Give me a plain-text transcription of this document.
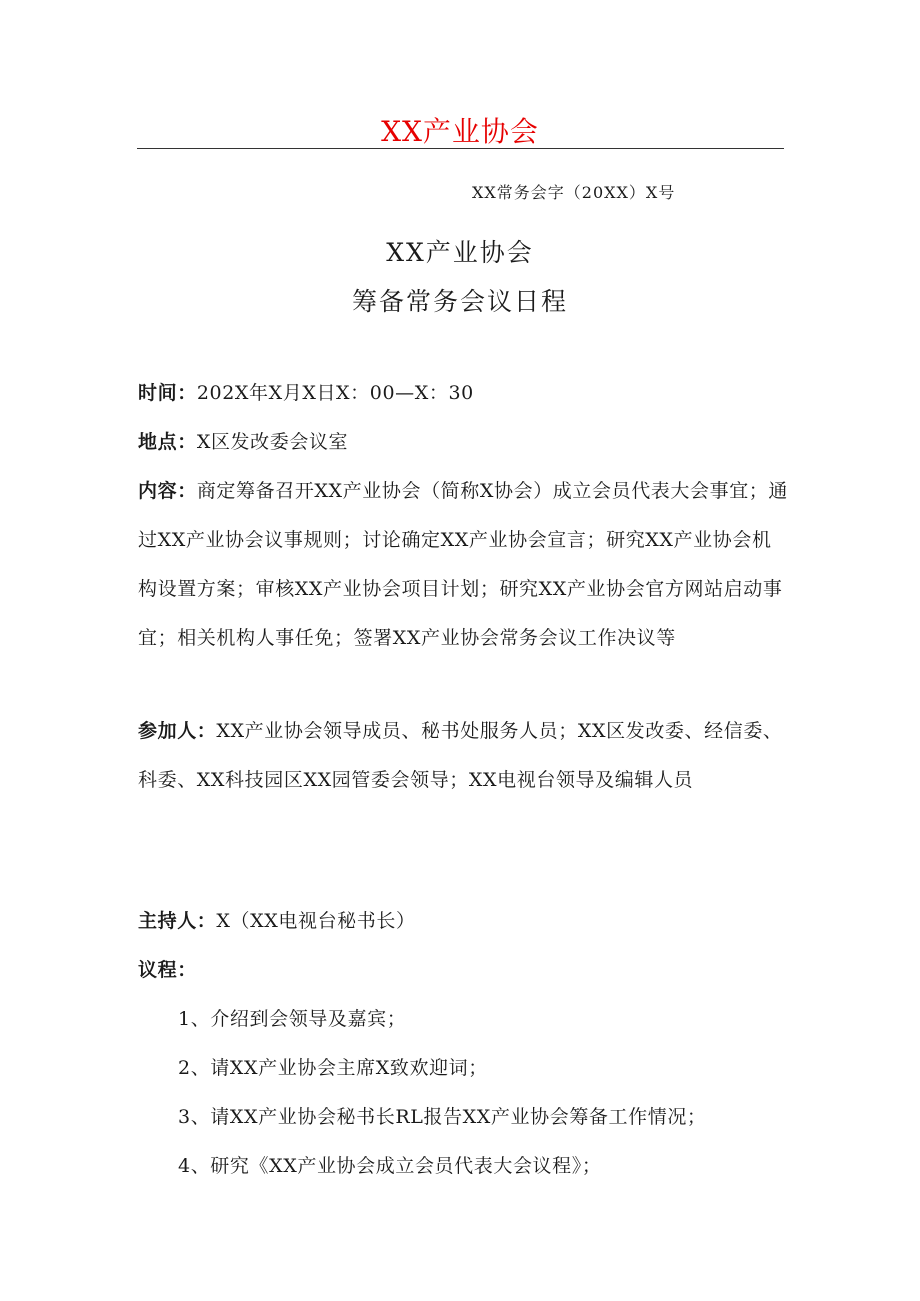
XX产业协会
XX常务会字（20XX）X号
XX产业协会
筹备常务会议日程
时间：202X年X月X日X：00—X：30
地点：X区发改委会议室
内容：商定筹备召开XX产业协会（简称X协会）成立会员代表大会事宜；通过XX产业协会议事规则；讨论确定XX产业协会宣言；研究XX产业协会机构设置方案；审核XX产业协会项目计划；研究XX产业协会官方网站启动事宜；相关机构人事任免；签署XX产业协会常务会议工作决议等
参加人：XX产业协会领导成员、秘书处服务人员；XX区发改委、经信委、科委、XX科技园区XX园管委会领导；XX电视台领导及编辑人员
主持人：X（XX电视台秘书长）
议程：
1、介绍到会领导及嘉宾；
2、请XX产业协会主席X致欢迎词；
3、请XX产业协会秘书长RL报告XX产业协会筹备工作情况；
4、研究《XX产业协会成立会员代表大会议程》；
